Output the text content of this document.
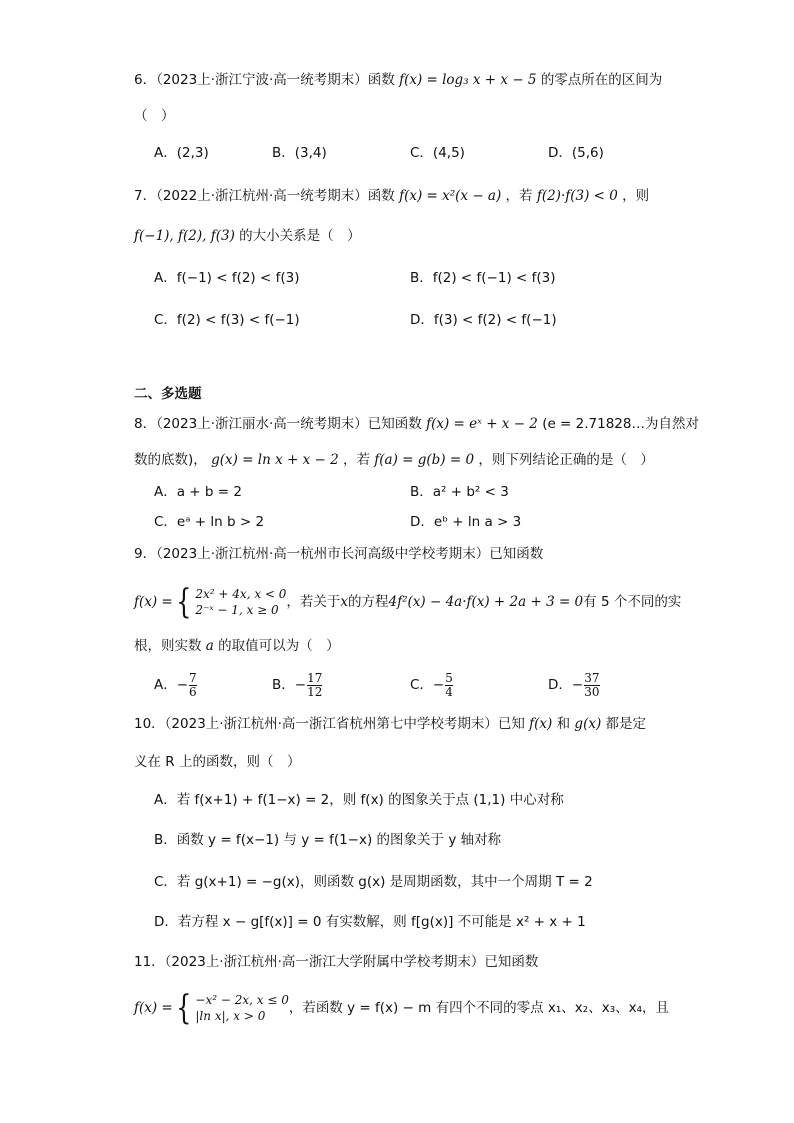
6．（2023上·浙江宁波·高一统考期末）函数 f(x) = log₃ x + x − 5 的零点所在的区间为
（　）
A．(2,3)	B．(3,4)	C．(4,5)	D．(5,6)
7．（2022上·浙江杭州·高一统考期末）函数 f(x) = x²(x − a) ，若 f(2)·f(3) < 0 ，则
f(−1), f(2), f(3) 的大小关系是（　）
A．f(−1) < f(2) < f(3)	B．f(2) < f(−1) < f(3)
C．f(2) < f(3) < f(−1)	D．f(3) < f(2) < f(−1)
二、多选题
8．（2023上·浙江丽水·高一统考期末）已知函数 f(x) = eˣ + x − 2 (e = 2.71828…为自然对
数的底数)， g(x) = ln x + x − 2 ，若 f(a) = g(b) = 0 ，则下列结论正确的是（　）
A．a + b = 2	B．a² + b² < 3
C．eᵃ + ln b > 2	D．eᵇ + ln a > 3
9．（2023上·浙江杭州·高一杭州市长河高级中学校考期末）已知函数
f(x) = { 2x² + 4x, x < 0
2⁻ˣ − 1, x ≥ 0 ，若关于 x 的方程 4f²(x) − 4a·f(x) + 2a + 3 = 0 有 5 个不同的实
根，则实数 a 的取值可以为（　）
A．− $\frac{7}{6}$	B．− $\frac{17}{12}$	C．− $\frac{5}{4}$	D．− $\frac{37}{30}$
10．（2023上·浙江杭州·高一浙江省杭州第七中学校考期末）已知 f(x) 和 g(x) 都是定
义在 R 上的函数，则（　）
A．若 f(x+1) + f(1−x) = 2，则 f(x) 的图象关于点 (1,1) 中心对称
B．函数 y = f(x−1) 与 y = f(1−x) 的图象关于 y 轴对称
C．若 g(x+1) = −g(x)，则函数 g(x) 是周期函数，其中一个周期 T = 2
D．若方程 x − g[f(x)] = 0 有实数解，则 f[g(x)] 不可能是 x² + x + 1
11．（2023上·浙江杭州·高一浙江大学附属中学校考期末）已知函数
f(x) = { −x² − 2x, x ≤ 0
|ln x|, x > 0	，若函数 y = f(x) − m 有四个不同的零点 x₁、x₂、x₃、x₄，且
